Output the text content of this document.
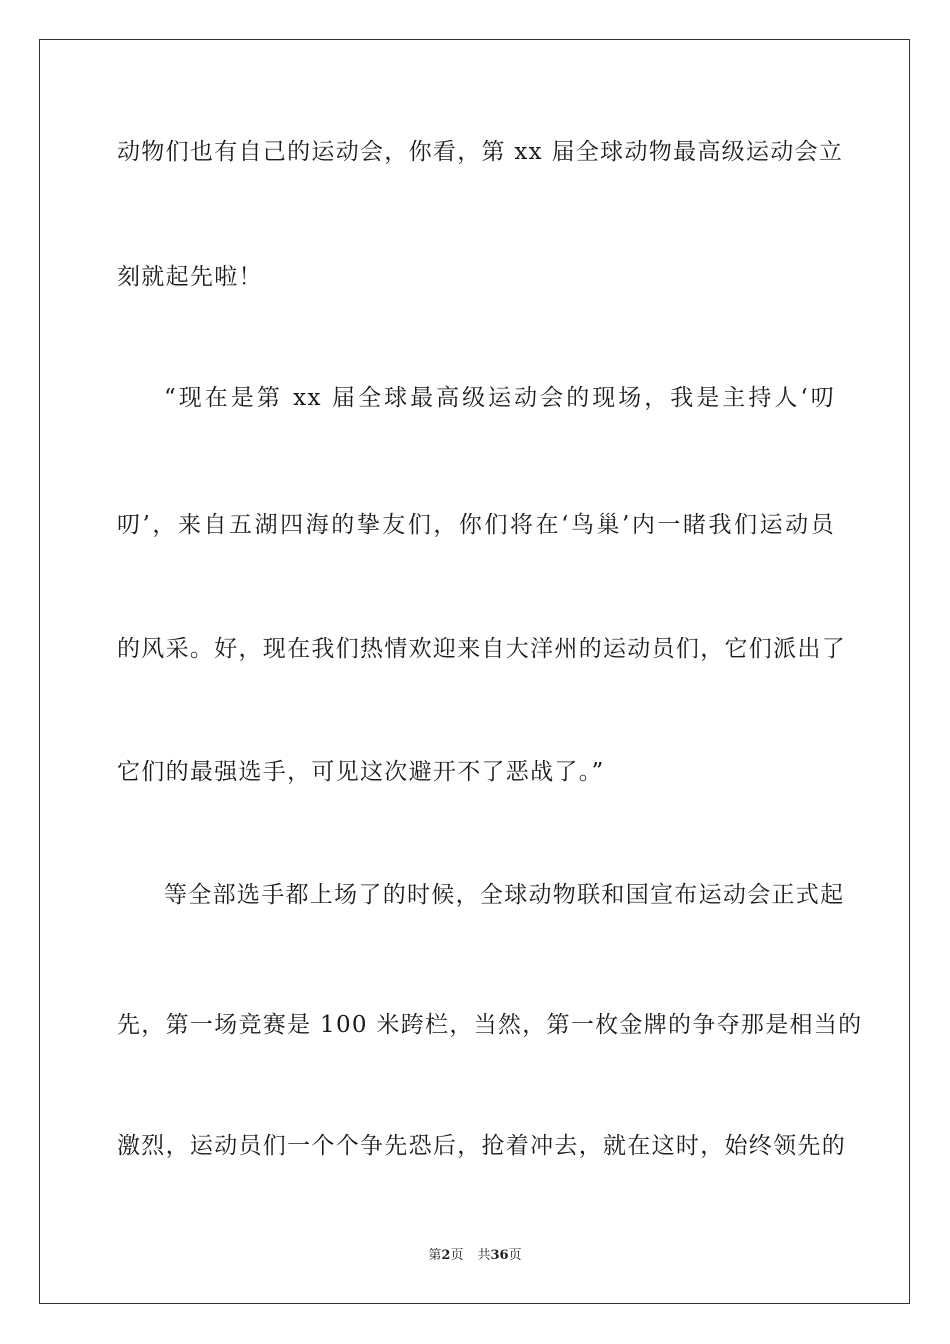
动物们也有自己的运动会，你看，第 xx 届全球动物最高级运动会立
刻就起先啦！
“现在是第 xx 届全球最高级运动会的现场，我是主持人‘叨
叨’，来自五湖四海的挚友们，你们将在‘鸟巢’内一睹我们运动员
的风采。好，现在我们热情欢迎来自大洋州的运动员们，它们派出了
它们的最强选手，可见这次避开不了恶战了。”
等全部选手都上场了的时候，全球动物联和国宣布运动会正式起
先，第一场竞赛是 100 米跨栏，当然，第一枚金牌的争夺那是相当的
激烈，运动员们一个个争先恐后，抢着冲去，就在这时，始终领先的
第2页 共36页
